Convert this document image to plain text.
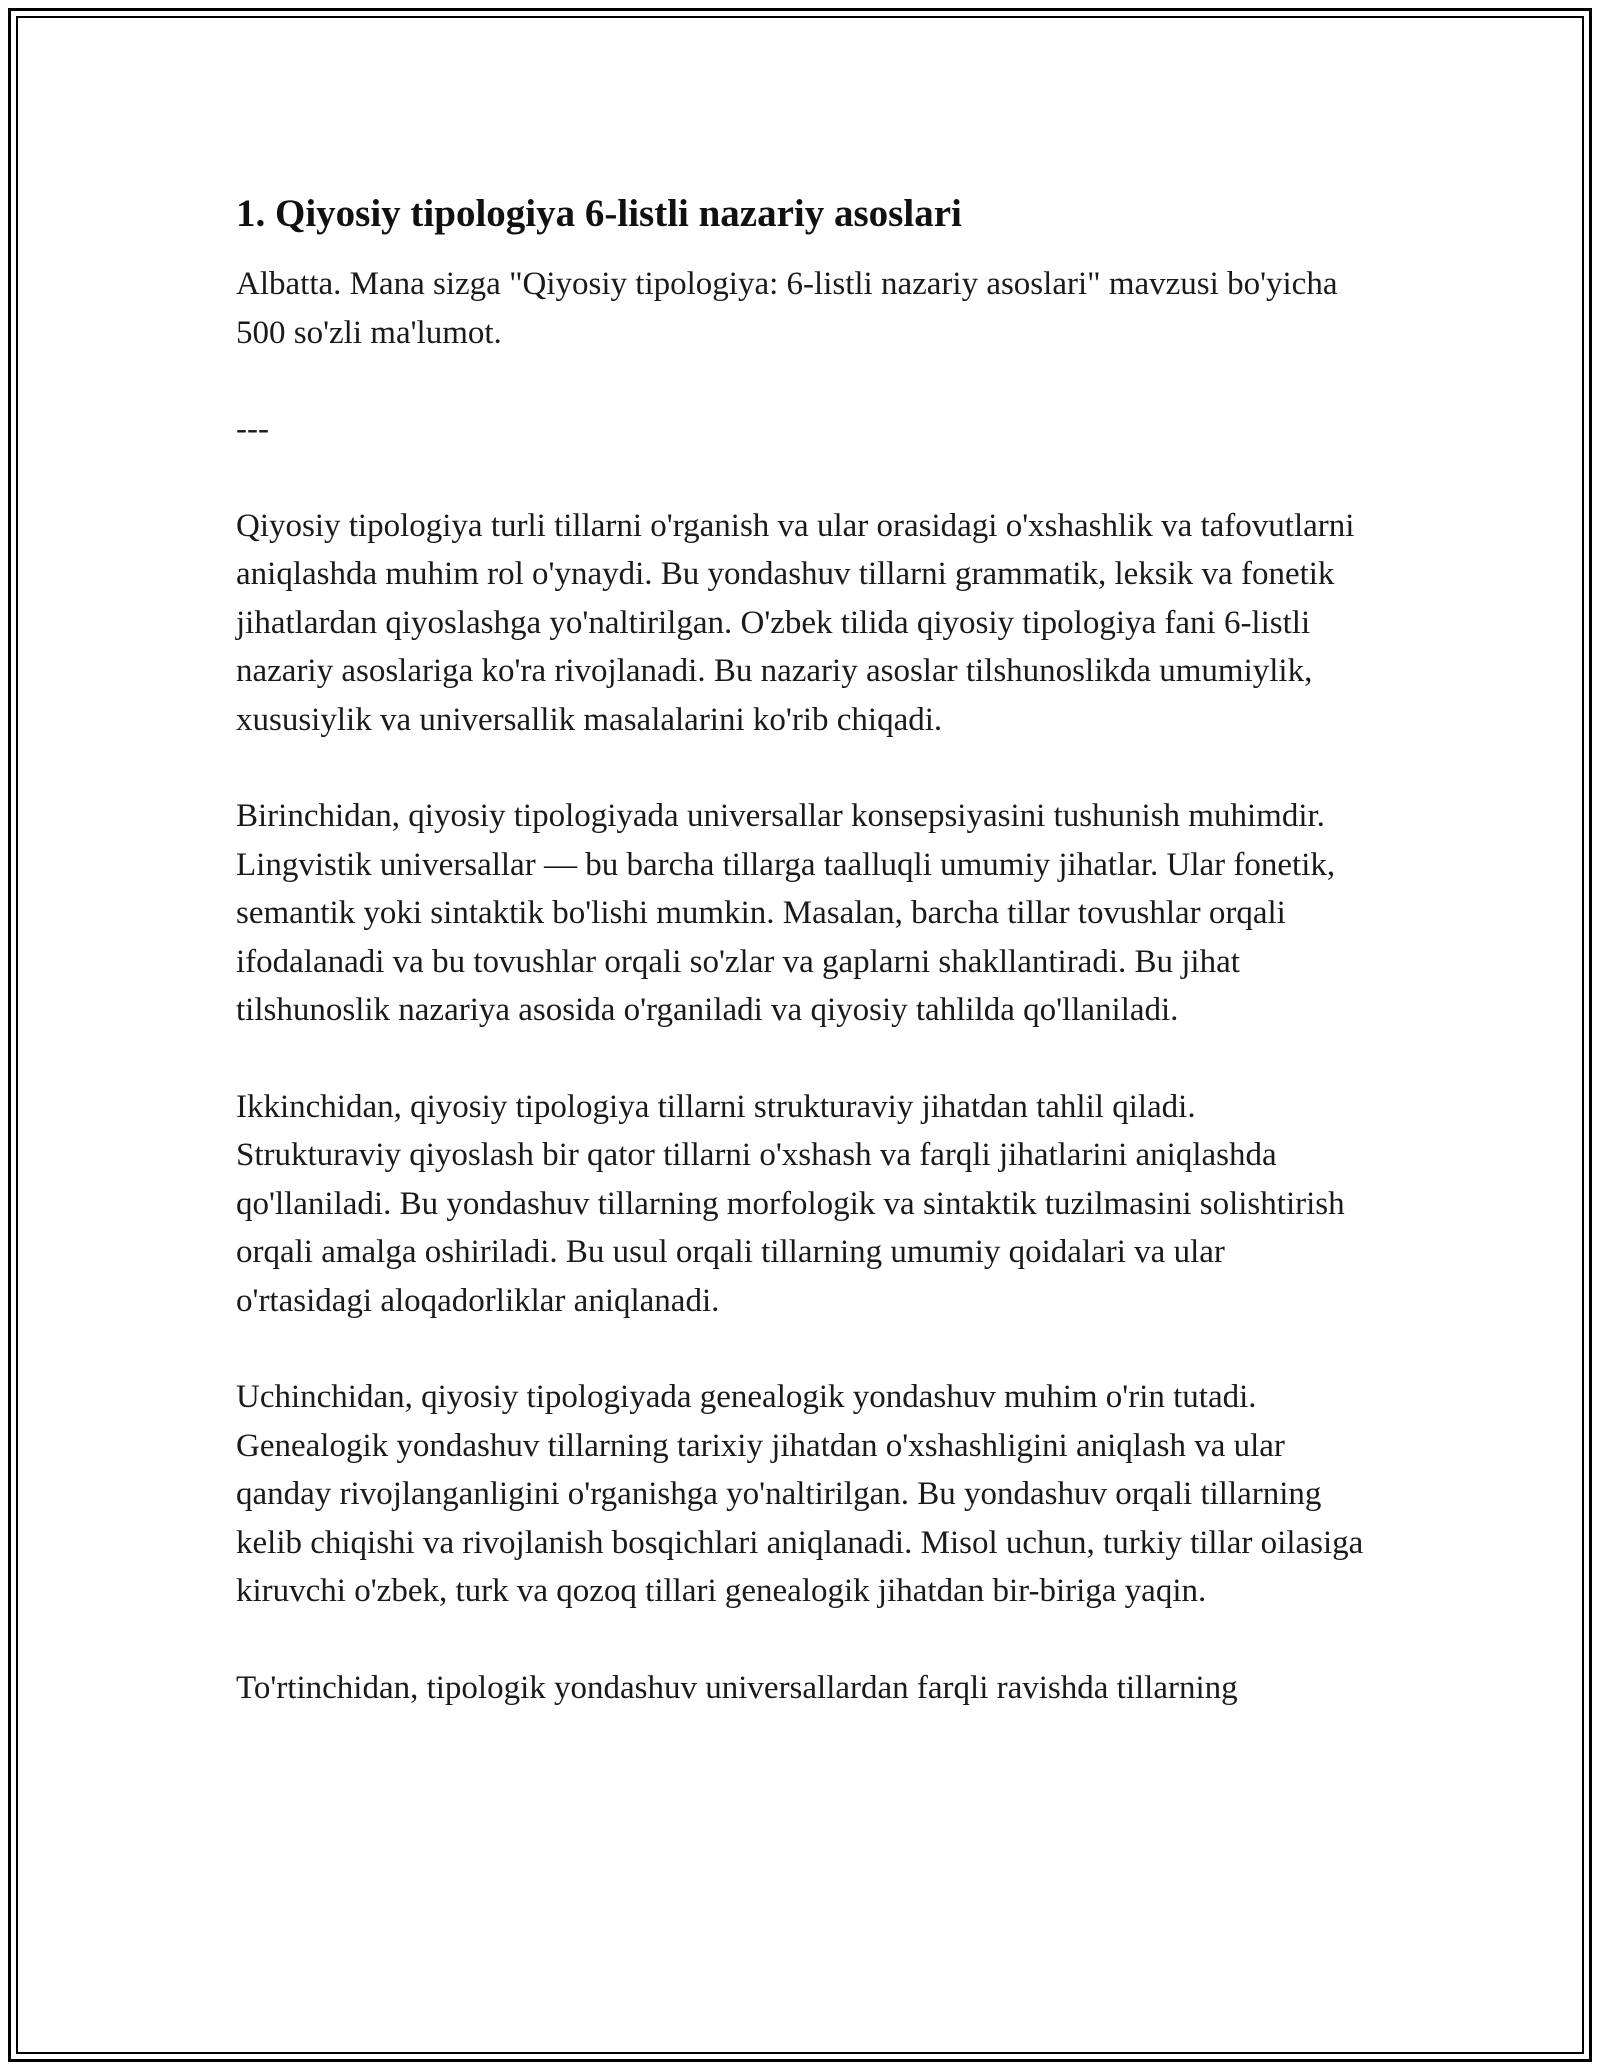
1. Qiyosiy tipologiya 6-listli nazariy asoslari

Albatta. Mana sizga "Qiyosiy tipologiya: 6-listli nazariy asoslari" mavzusi bo'yicha 500 so'zli ma'lumot.

---

Qiyosiy tipologiya turli tillarni o'rganish va ular orasidagi o'xshashlik va tafovutlarni aniqlashda muhim rol o'ynaydi. Bu yondashuv tillarni grammatik, leksik va fonetik jihatlardan qiyoslashga yo'naltirilgan. O'zbek tilida qiyosiy tipologiya fani 6-listli nazariy asoslariga ko'ra rivojlanadi. Bu nazariy asoslar tilshunoslikda umumiylik, xususiylik va universallik masalalarini ko'rib chiqadi.

Birinchidan, qiyosiy tipologiyada universallar konsepsiyasini tushunish muhimdir. Lingvistik universallar — bu barcha tillarga taalluqli umumiy jihatlar. Ular fonetik, semantik yoki sintaktik bo'lishi mumkin. Masalan, barcha tillar tovushlar orqali ifodalanadi va bu tovushlar orqali so'zlar va gaplarni shakllantiradi. Bu jihat tilshunoslik nazariya asosida o'rganiladi va qiyosiy tahlilda qo'llaniladi.

Ikkinchidan, qiyosiy tipologiya tillarni strukturaviy jihatdan tahlil qiladi. Strukturaviy qiyoslash bir qator tillarni o'xshash va farqli jihatlarini aniqlashda qo'llaniladi. Bu yondashuv tillarning morfologik va sintaktik tuzilmasini solishtirish orqali amalga oshiriladi. Bu usul orqali tillarning umumiy qoidalari va ular o'rtasidagi aloqadorliklar aniqlanadi.

Uchinchidan, qiyosiy tipologiyada genealogik yondashuv muhim o'rin tutadi. Genealogik yondashuv tillarning tarixiy jihatdan o'xshashligini aniqlash va ular qanday rivojlanganligini o'rganishga yo'naltirilgan. Bu yondashuv orqali tillarning kelib chiqishi va rivojlanish bosqichlari aniqlanadi. Misol uchun, turkiy tillar oilasiga kiruvchi o'zbek, turk va qozoq tillari genealogik jihatdan bir-biriga yaqin.

To'rtinchidan, tipologik yondashuv universallardan farqli ravishda tillarning
